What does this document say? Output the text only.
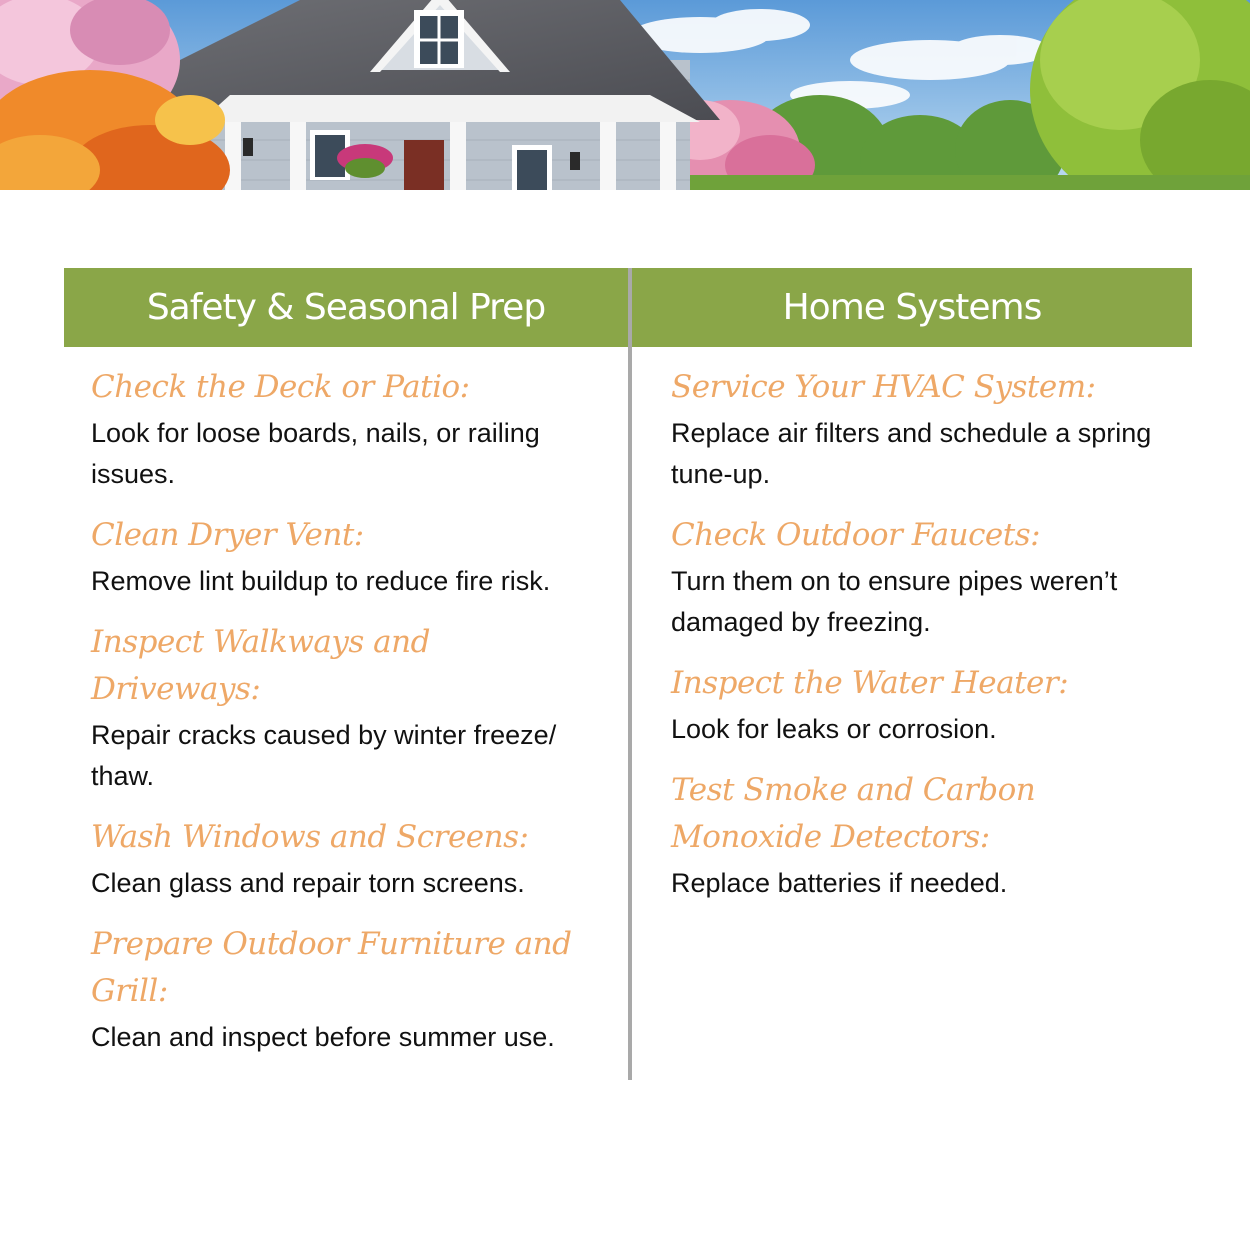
Safety & Seasonal Prep	Home Systems
Check the Deck or Patio:
Look for loose boards, nails, or railing issues.
Clean Dryer Vent:
Remove lint buildup to reduce fire risk.
Inspect Walkways and Driveways:
Repair cracks caused by winter freeze/ thaw.
Wash Windows and Screens:
Clean glass and repair torn screens.
Prepare Outdoor Furniture and Grill:
Clean and inspect before summer use.
Service Your HVAC System:
Replace air filters and schedule a spring tune-up.
Check Outdoor Faucets:
Turn them on to ensure pipes weren’t damaged by freezing.
Inspect the Water Heater:
Look for leaks or corrosion.
Test Smoke and Carbon Monoxide Detectors:
Replace batteries if needed.
